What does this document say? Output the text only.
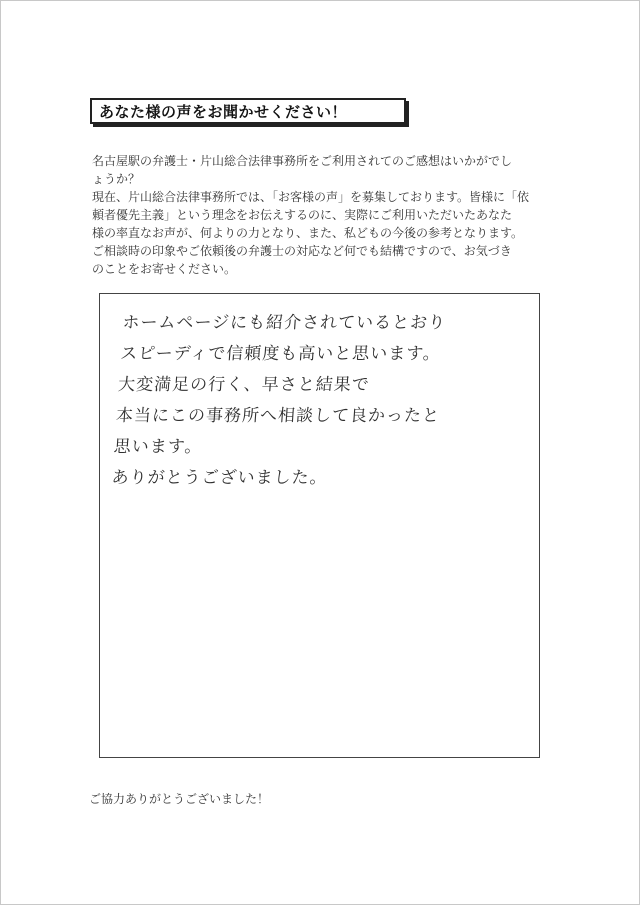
あなた様の声をお聞かせください！

名古屋駅の弁護士・片山総合法律事務所をご利用されてのご感想はいかがでし
ょうか？

現在、片山総合法律事務所では、「お客様の声」を募集しております。皆様に「依
頼者優先主義」という理念をお伝えするのに、実際にご利用いただいたあなた
様の率直なお声が、何よりの力となり、また、私どもの今後の参考となります。
ご相談時の印象やご依頼後の弁護士の対応など何でも結構ですので、お気づき
のことをお寄せください。

ホームページにも紹介されているとおり
スピーディで信頼度も高いと思います。
大変満足の行く、早さと結果で
本当にこの事務所へ相談して良かったと
思います。
ありがとうございました。
ご協力ありがとうございました！
